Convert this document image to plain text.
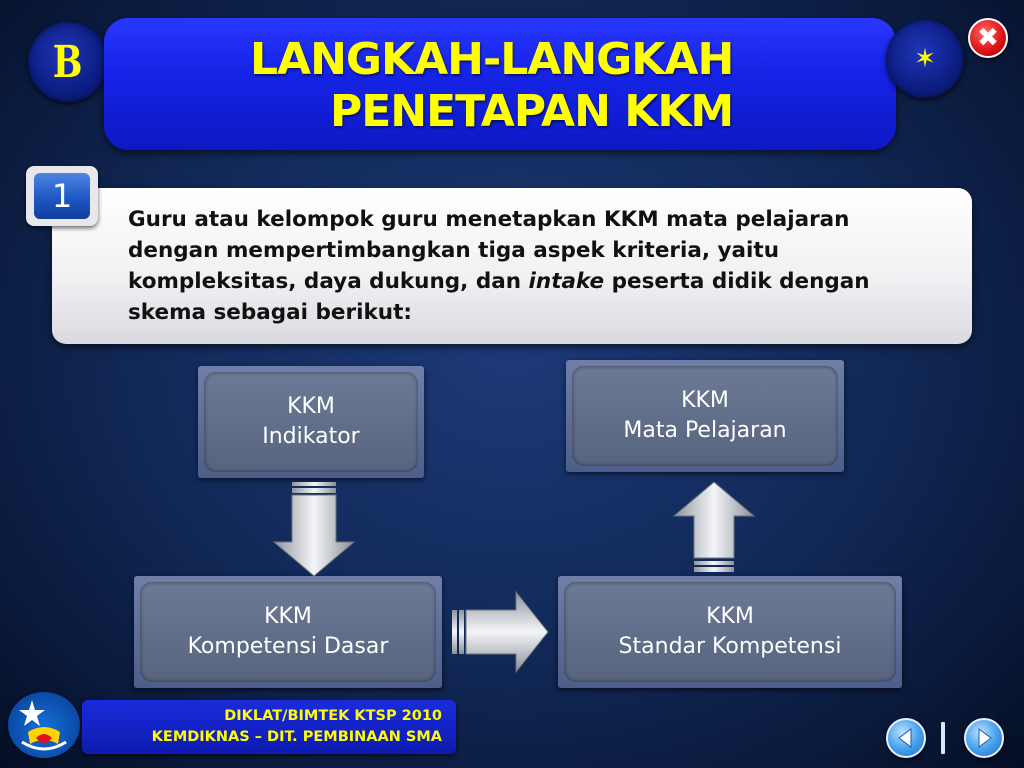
B	LANGKAH-LANGKAH
PENETAPAN KKM
✶
✖

Guru atau kelompok guru menetapkan KKM mata pelajaran dengan mempertimbangkan tiga aspek kriteria, yaitu kompleksitas, daya dukung, dan intake peserta didik dengan skema sebagai berikut:

1
KKM
Indikator
KKM
Mata Pelajaran
KKM
Kompetensi Dasar
KKM
Standar Kompetensi
DIKLAT/BIMTEK KTSP 2010
KEMDIKNAS – DIT. PEMBINAAN SMA
